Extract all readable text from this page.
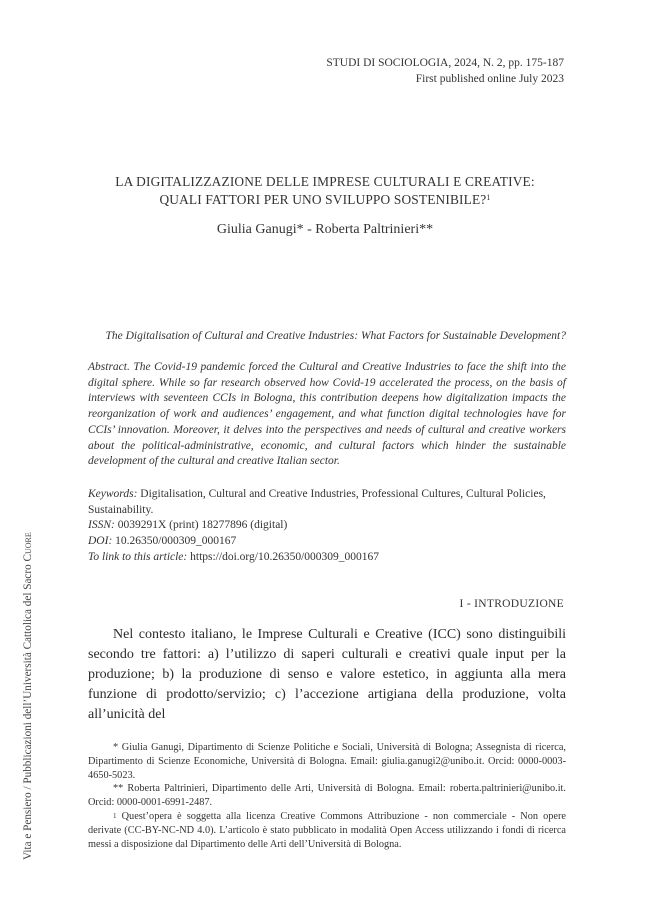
STUDI DI SOCIOLOGIA, 2024, N. 2, pp. 175-187
First published online July 2023
LA DIGITALIZZAZIONE DELLE IMPRESE CULTURALI E CREATIVE:
QUALI FATTORI PER UNO SVILUPPO SOSTENIBILE?$^1$
Giulia Ganugi* - Roberta Paltrinieri**
The Digitalisation of Cultural and Creative Industries: What Factors for Sustainable Development?
Abstract. The Covid-19 pandemic forced the Cultural and Creative Industries to face the shift into the digital sphere. While so far research observed how Covid-19 accelerated the process, on the basis of interviews with seventeen CCIs in Bologna, this contribution deepens how digitalization impacts the reorganization of work and audiences’ engagement, and what function digital technologies have for CCIs’ innovation. Moreover, it delves into the perspectives and needs of cultural and creative workers about the political-administrative, economic, and cultural factors which hinder the sustainable development of the cultural and creative Italian sector.
Keywords: Digitalisation, Cultural and Creative Industries, Professional Cultures, Cultural Policies, Sustainability.
ISSN: 0039291X (print) 18277896 (digital)
DOI: 10.26350/000309_000167
To link to this article: https://doi.org/10.26350/000309_000167
Vita e Pensiero / Pubblicazioni dell’Università Cattolica del Sacro Cuore
I - INTRODUZIONE

Nel contesto italiano, le Imprese Culturali e Creative (ICC) sono distinguibili secondo tre fattori: a) l’utilizzo di saperi culturali e creativi quale input per la produzione; b) la produzione di senso e valore estetico, in aggiunta alla mera funzione di prodotto/servizio; c) l’accezione artigiana della produzione, volta all’unicità del

* Giulia Ganugi, Dipartimento di Scienze Politiche e Sociali, Università di Bologna; Assegnista di ricerca, Dipartimento di Scienze Economiche, Università di Bologna. Email: giulia.ganugi2@unibo.it. Orcid: 0000-0003-4650-5023.

** Roberta Paltrinieri, Dipartimento delle Arti, Università di Bologna. Email: roberta.paltrinieri@unibo.it. Orcid: 0000-0001-6991-2487.

$^1$ Quest’opera è soggetta alla licenza Creative Commons Attribuzione - non commerciale - Non opere derivate (CC-BY-NC-ND 4.0). L’articolo è stato pubblicato in modalità Open Access utilizzando i fondi di ricerca messi a disposizione dal Dipartimento delle Arti dell’Università di Bologna.
